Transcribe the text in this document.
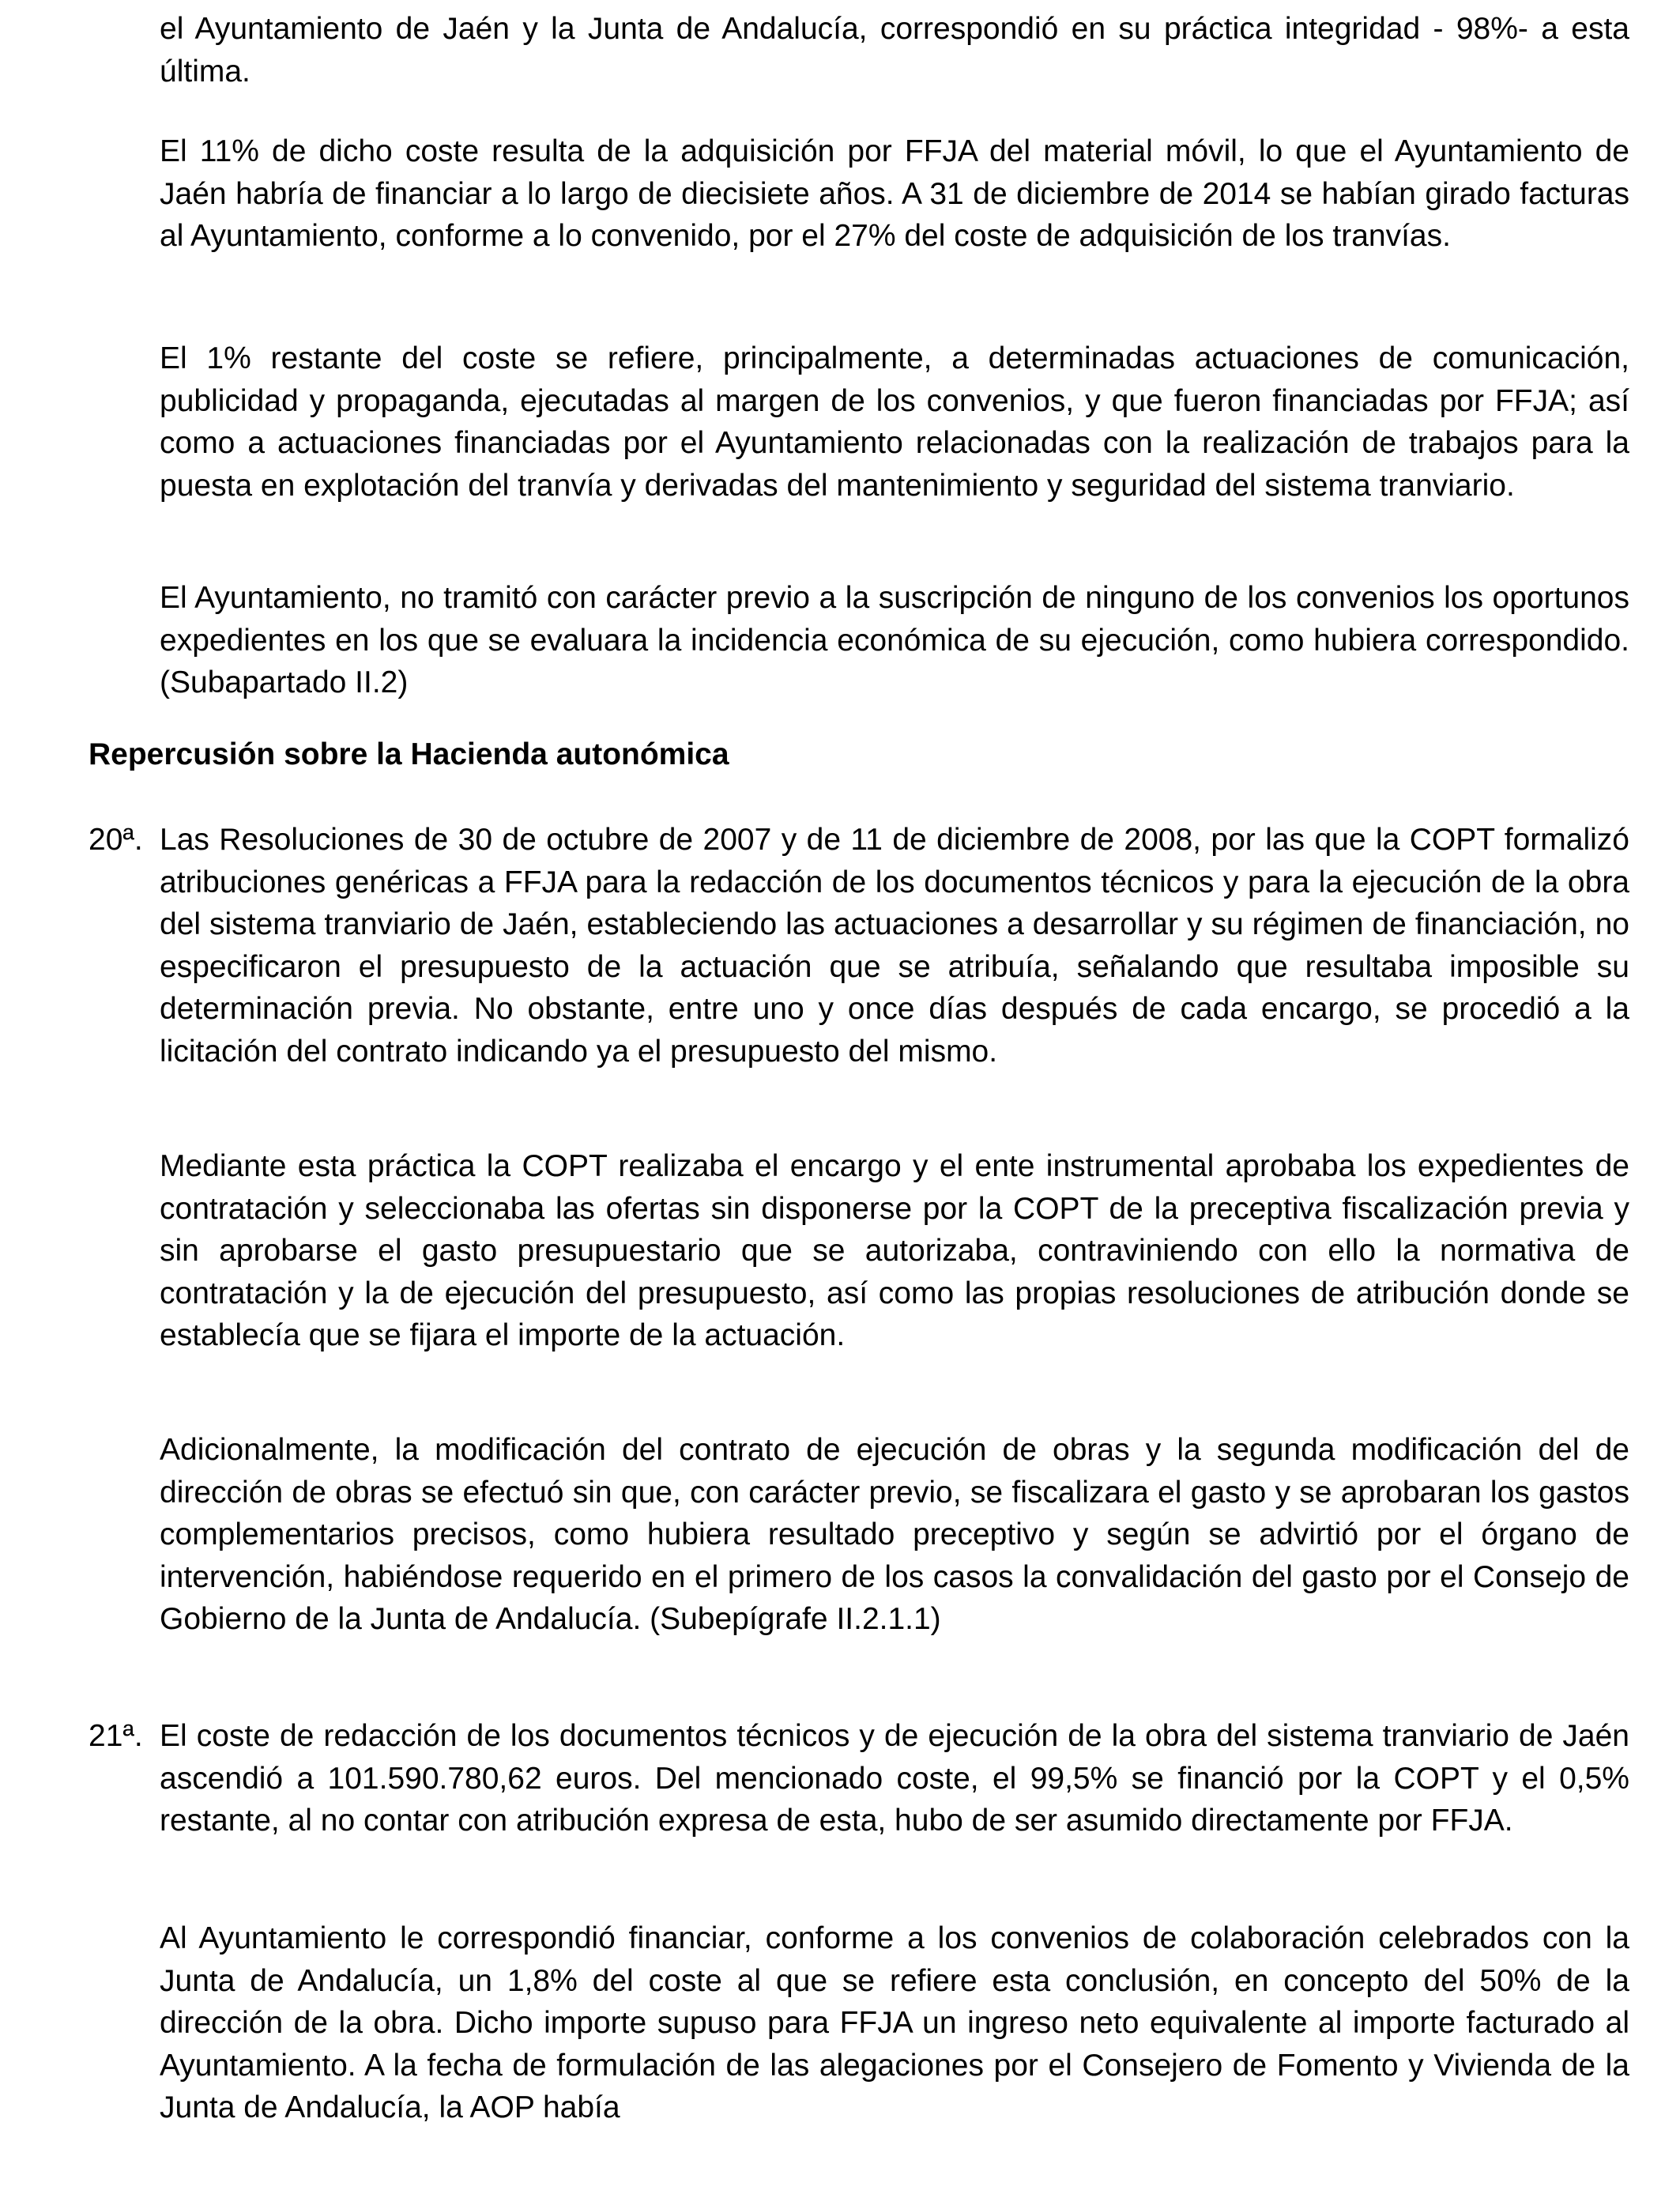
el Ayuntamiento de Jaén y la Junta de Andalucía, correspondió en su práctica integridad - 98%- a esta última.

El 11% de dicho coste resulta de la adquisición por FFJA del material móvil, lo que el Ayuntamiento de Jaén habría de financiar a lo largo de diecisiete años. A 31 de diciembre de 2014 se habían girado facturas al Ayuntamiento, conforme a lo convenido, por el 27% del coste de adquisición de los tranvías.

El 1% restante del coste se refiere, principalmente, a determinadas actuaciones de comunicación, publicidad y propaganda, ejecutadas al margen de los convenios, y que fueron financiadas por FFJA; así como a actuaciones financiadas por el Ayuntamiento relacionadas con la realización de trabajos para la puesta en explotación del tranvía y derivadas del mantenimiento y seguridad del sistema tranviario.

El Ayuntamiento, no tramitó con carácter previo a la suscripción de ninguno de los convenios los oportunos expedientes en los que se evaluara la incidencia económica de su ejecución, como hubiera correspondido. (Subapartado II.2)

Repercusión sobre la Hacienda autonómica

20ª. Las Resoluciones de 30 de octubre de 2007 y de 11 de diciembre de 2008, por las que la COPT formalizó atribuciones genéricas a FFJA para la redacción de los documentos técnicos y para la ejecución de la obra del sistema tranviario de Jaén, estableciendo las actuaciones a desarrollar y su régimen de financiación, no especificaron el presupuesto de la actuación que se atribuía, señalando que resultaba imposible su determinación previa. No obstante, entre uno y once días después de cada encargo, se procedió a la licitación del contrato indicando ya el presupuesto del mismo.

Mediante esta práctica la COPT realizaba el encargo y el ente instrumental aprobaba los expedientes de contratación y seleccionaba las ofertas sin disponerse por la COPT de la preceptiva fiscalización previa y sin aprobarse el gasto presupuestario que se autorizaba, contraviniendo con ello la normativa de contratación y la de ejecución del presupuesto, así como las propias resoluciones de atribución donde se establecía que se fijara el importe de la actuación.

Adicionalmente, la modificación del contrato de ejecución de obras y la segunda modificación del de dirección de obras se efectuó sin que, con carácter previo, se fiscalizara el gasto y se aprobaran los gastos complementarios precisos, como hubiera resultado preceptivo y según se advirtió por el órgano de intervención, habiéndose requerido en el primero de los casos la convalidación del gasto por el Consejo de Gobierno de la Junta de Andalucía. (Subepígrafe II.2.1.1)

21ª. El coste de redacción de los documentos técnicos y de ejecución de la obra del sistema tranviario de Jaén ascendió a 101.590.780,62 euros. Del mencionado coste, el 99,5% se financió por la COPT y el 0,5% restante, al no contar con atribución expresa de esta, hubo de ser asumido directamente por FFJA.

Al Ayuntamiento le correspondió financiar, conforme a los convenios de colaboración celebrados con la Junta de Andalucía, un 1,8% del coste al que se refiere esta conclusión, en concepto del 50% de la dirección de la obra. Dicho importe supuso para FFJA un ingreso neto equivalente al importe facturado al Ayuntamiento. A la fecha de formulación de las alegaciones por el Consejero de Fomento y Vivienda de la Junta de Andalucía, la AOP había
